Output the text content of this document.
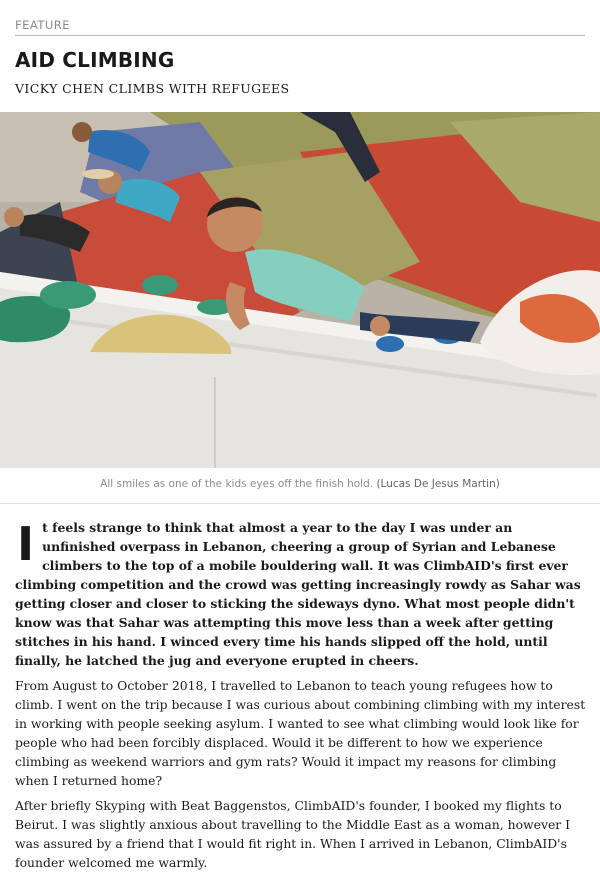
FEATURE
AID CLIMBING

VICKY CHEN CLIMBS WITH REFUGEES

All smiles as one of the kids eyes off the finish hold. (Lucas De Jesus Martin)

It feels strange to think that almost a year to the day I was under an unfinished overpass in Lebanon, cheering a group of Syrian and Lebanese climbers to the top of a mobile bouldering wall. It was ClimbAID's first ever climbing competition and the crowd was getting increasingly rowdy as Sahar was getting closer and closer to sticking the sideways dyno. What most people didn't know was that Sahar was attempting this move less than a week after getting stitches in his hand. I winced every time his hands slipped off the hold, until finally, he latched the jug and everyone erupted in cheers.

From August to October 2018, I travelled to Lebanon to teach young refugees how to climb. I went on the trip because I was curious about combining climbing with my interest in working with people seeking asylum. I wanted to see what climbing would look like for people who had been forcibly displaced. Would it be different to how we experience climbing as weekend warriors and gym rats? Would it impact my reasons for climbing when I returned home?

After briefly Skyping with Beat Baggenstos, ClimbAID's founder, I booked my flights to Beirut. I was slightly anxious about travelling to the Middle East as a woman, however I was assured by a friend that I would fit right in. When I arrived in Lebanon, ClimbAID's founder welcomed me warmly.
